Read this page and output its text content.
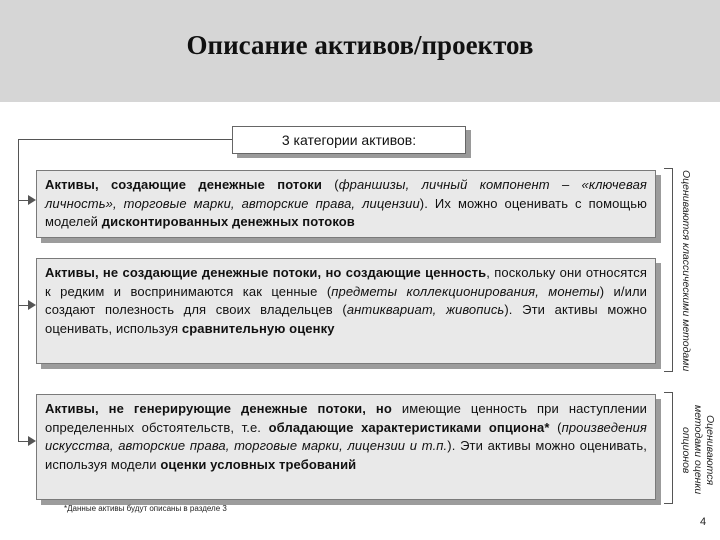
Описание активов/проектов
3 категории активов:
Активы, создающие денежные потоки (франшизы, личный компонент – «ключевая личность», торговые марки, авторские права, лицензии). Их можно оценивать с помощью моделей дисконтированных денежных потоков
Активы, не создающие денежные потоки, но создающие ценность, поскольку они относятся к редким и воспринимаются как ценные (предметы коллекционирования, монеты) и/или создают полезность для своих владельцев (антиквариат, живопись). Эти активы можно оценивать, используя сравнительную оценку
Активы, не генерирующие денежные потоки, но имеющие ценность при наступлении определенных обстоятельств, т.е. обладающие характеристиками опциона* (произведения искусства, авторские права, торговые марки, лицензии и т.п.). Эти активы можно оценивать, используя модели оценки условных требований
Оцениваются классическими методами
Оцениваются методами оценки опционов
*Данные активы будут описаны в разделе 3
4
